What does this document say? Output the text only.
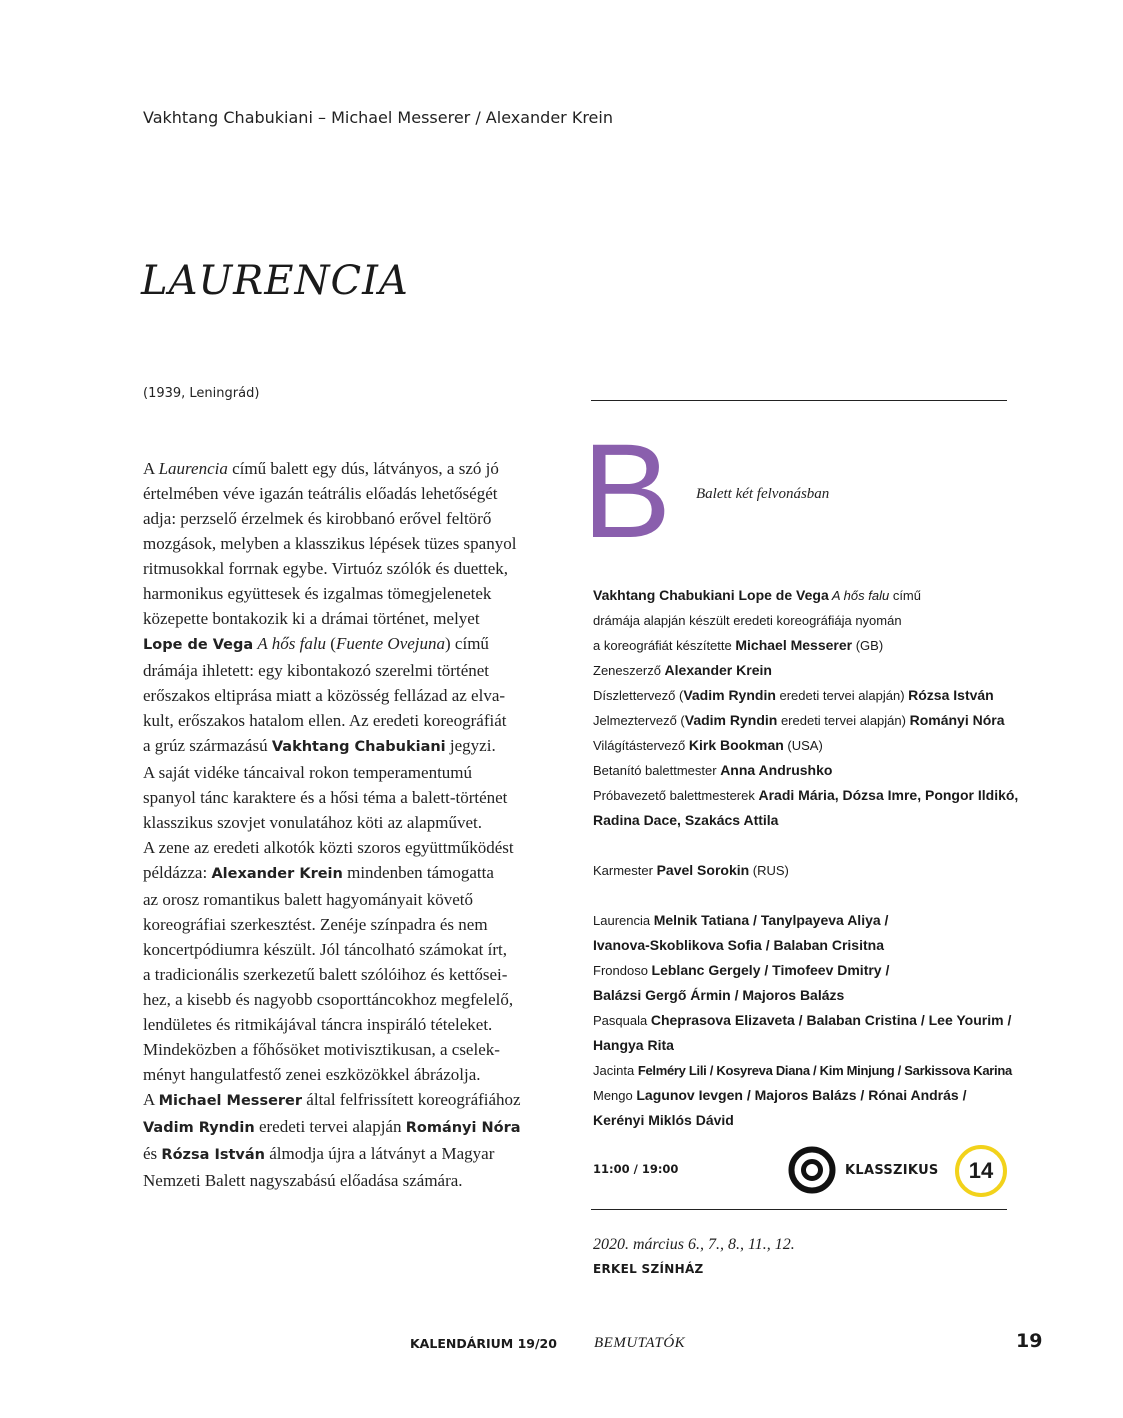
Vakhtang Chabukiani – Michael Messerer / Alexander Krein
LAURENCIA
(1939, Leningrád)
A Laurencia című balett egy dús, látványos, a szó jó
értelmében véve igazán teátrális előadás lehetőségét
adja: perzselő érzelmek és kirobbanó erővel feltörő
mozgások, melyben a klasszikus lépések tüzes spanyol
ritmusokkal forrnak egybe. Virtuóz szólók és duettek,
harmonikus együttesek és izgalmas tömegjelenetek
közepette bontakozik ki a drámai történet, melyet
Lope de Vega A hős falu (Fuente Ovejuna) című
drámája ihletett: egy kibontakozó szerelmi történet
erőszakos eltiprása miatt a közösség fellázad az elva-
kult, erőszakos hatalom ellen. Az eredeti koreográfiát
a grúz származású Vakhtang Chabukiani jegyzi.
A saját vidéke táncaival rokon temperamentumú
spanyol tánc karaktere és a hősi téma a balett-történet
klasszikus szovjet vonulatához köti az alapművet.
A zene az eredeti alkotók közti szoros együttműködést
példázza: Alexander Krein mindenben támogatta
az orosz romantikus balett hagyományait követő
koreográfiai szerkesztést. Zenéje színpadra és nem
koncertpódiumra készült. Jól táncolható számokat írt,
a tradicionális szerkezetű balett szólóihoz és kettősei-
hez, a kisebb és nagyobb csoporttáncokhoz megfelelő,
lendületes és ritmikájával táncra inspiráló tételeket.
Mindeközben a főhősöket motivisztikusan, a cselek-
ményt hangulatfestő zenei eszközökkel ábrázolja.
A Michael Messerer által felfrissített koreográfiához
Vadim Ryndin eredeti tervei alapján Rományi Nóra
és Rózsa István álmodja újra a látványt a Magyar
Nemzeti Balett nagyszabású előadása számára.
B Balett két felvonásban
Vakhtang Chabukiani Lope de Vega A hős falu című
drámája alapján készült eredeti koreográfiája nyomán
a koreográfiát készítette Michael Messerer (GB)
Zeneszerző Alexander Krein
Díszlettervező (Vadim Ryndin eredeti tervei alapján) Rózsa István
Jelmeztervező (Vadim Ryndin eredeti tervei alapján) Rományi Nóra
Világítástervező Kirk Bookman (USA)
Betanító balettmester Anna Andrushko
Próbavezető balettmesterek Aradi Mária, Dózsa Imre, Pongor Ildikó,
Radina Dace, Szakács Attila
Karmester Pavel Sorokin (RUS)
Laurencia Melnik Tatiana / Tanylpayeva Aliya /
Ivanova-Skoblikova Sofia / Balaban Crisitna
Frondoso Leblanc Gergely / Timofeev Dmitry /
Balázsi Gergő Ármin / Majoros Balázs
Pasquala Cheprasova Elizaveta / Balaban Cristina / Lee Yourim /
Hangya Rita
Jacinta Felméry Lili / Kosyreva Diana / Kim Minjung / Sarkissova Karina
Mengo Lagunov Ievgen / Majoros Balázs / Rónai András /
Kerényi Miklós Dávid
11:00 / 19:00	KLASSZIKUS 14
2020. március 6., 7., 8., 11., 12.
ERKEL SZÍNHÁZ
KALENDÁRIUM 19/20 BEMUTATÓK	19
